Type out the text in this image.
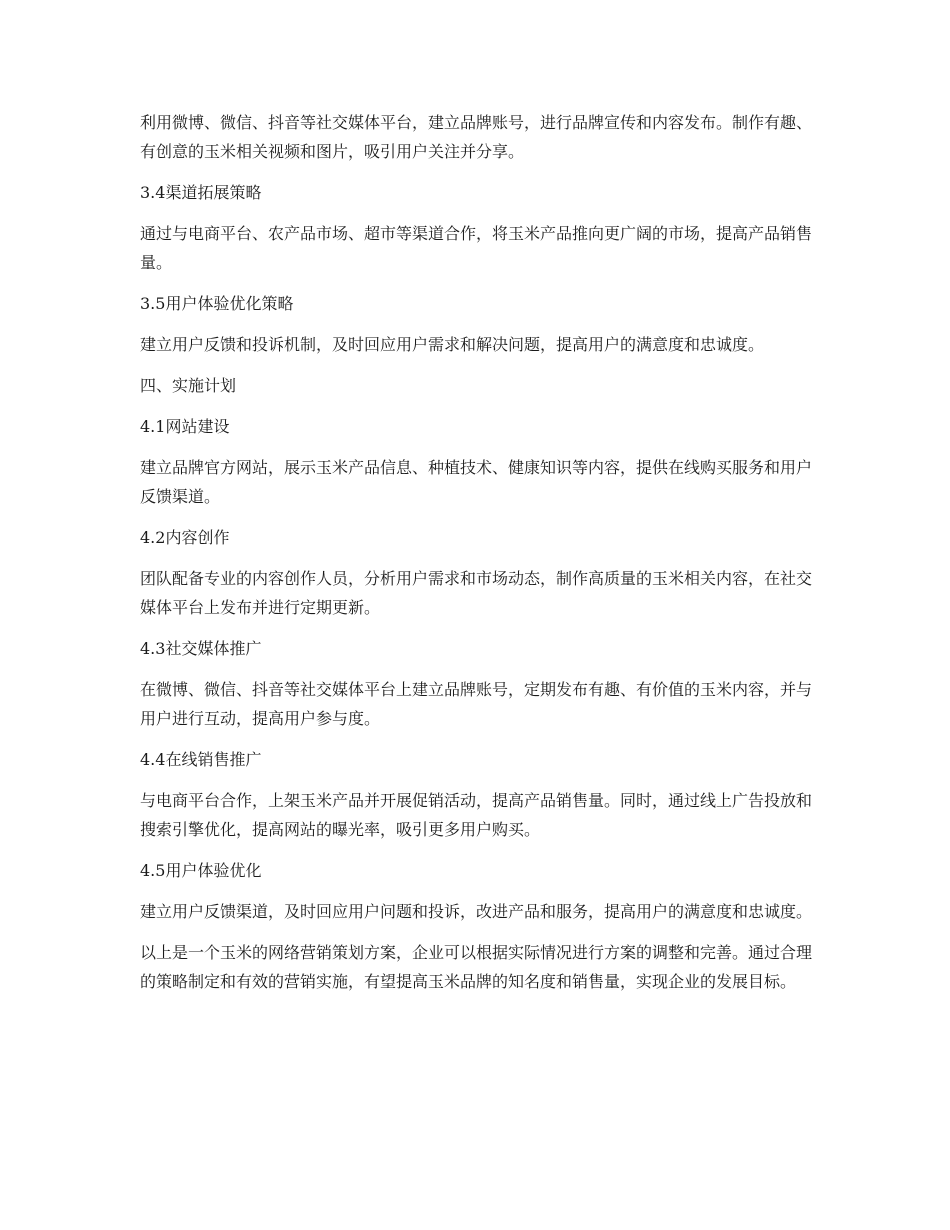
利用微博、微信、抖音等社交媒体平台，建立品牌账号，进行品牌宣传和内容发布。制作有趣、有创意的玉米相关视频和图片，吸引用户关注并分享。

3.4渠道拓展策略

通过与电商平台、农产品市场、超市等渠道合作，将玉米产品推向更广阔的市场，提高产品销售量。

3.5用户体验优化策略

建立用户反馈和投诉机制，及时回应用户需求和解决问题，提高用户的满意度和忠诚度。

四、实施计划

4.1网站建设

建立品牌官方网站，展示玉米产品信息、种植技术、健康知识等内容，提供在线购买服务和用户反馈渠道。

4.2内容创作

团队配备专业的内容创作人员，分析用户需求和市场动态，制作高质量的玉米相关内容，在社交媒体平台上发布并进行定期更新。

4.3社交媒体推广

在微博、微信、抖音等社交媒体平台上建立品牌账号，定期发布有趣、有价值的玉米内容，并与用户进行互动，提高用户参与度。

4.4在线销售推广

与电商平台合作，上架玉米产品并开展促销活动，提高产品销售量。同时，通过线上广告投放和搜索引擎优化，提高网站的曝光率，吸引更多用户购买。

4.5用户体验优化

建立用户反馈渠道，及时回应用户问题和投诉，改进产品和服务，提高用户的满意度和忠诚度。

以上是一个玉米的网络营销策划方案，企业可以根据实际情况进行方案的调整和完善。通过合理的策略制定和有效的营销实施，有望提高玉米品牌的知名度和销售量，实现企业的发展目标。
